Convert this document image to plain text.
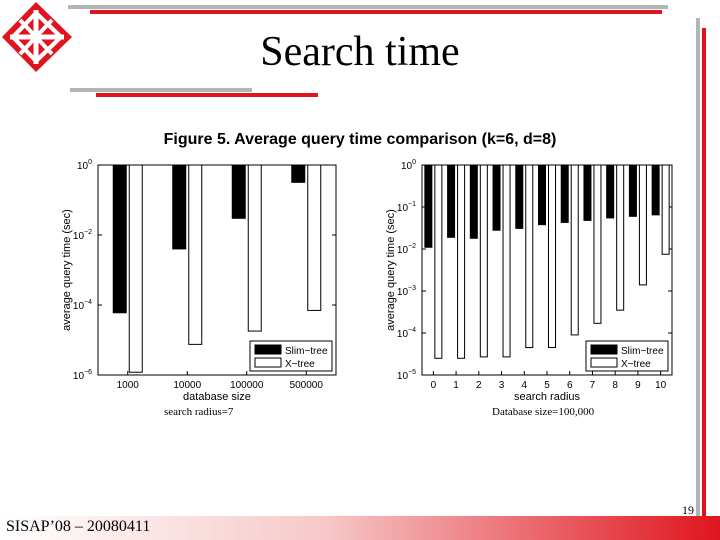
Search time
Figure 5. Average query time comparison (k=6, d=8)
$10^0$
$10^{-2}$
$10^{-4}$
$10^{-6}$
1000	10000	100000	500000
database size
average query time (sec)
Slim−tree
X−tree
$10^0$
$10^{-1}$
$10^{-2}$
$10^{-3}$
$10^{-4}$
$10^{-5}$
0 1 2 3 4 5 6 7 8 9 10
search radius
average query time (sec)
Slim−tree
X−tree
search radius=7	Database size=100,000
19
SISAP’08 – 20080411
